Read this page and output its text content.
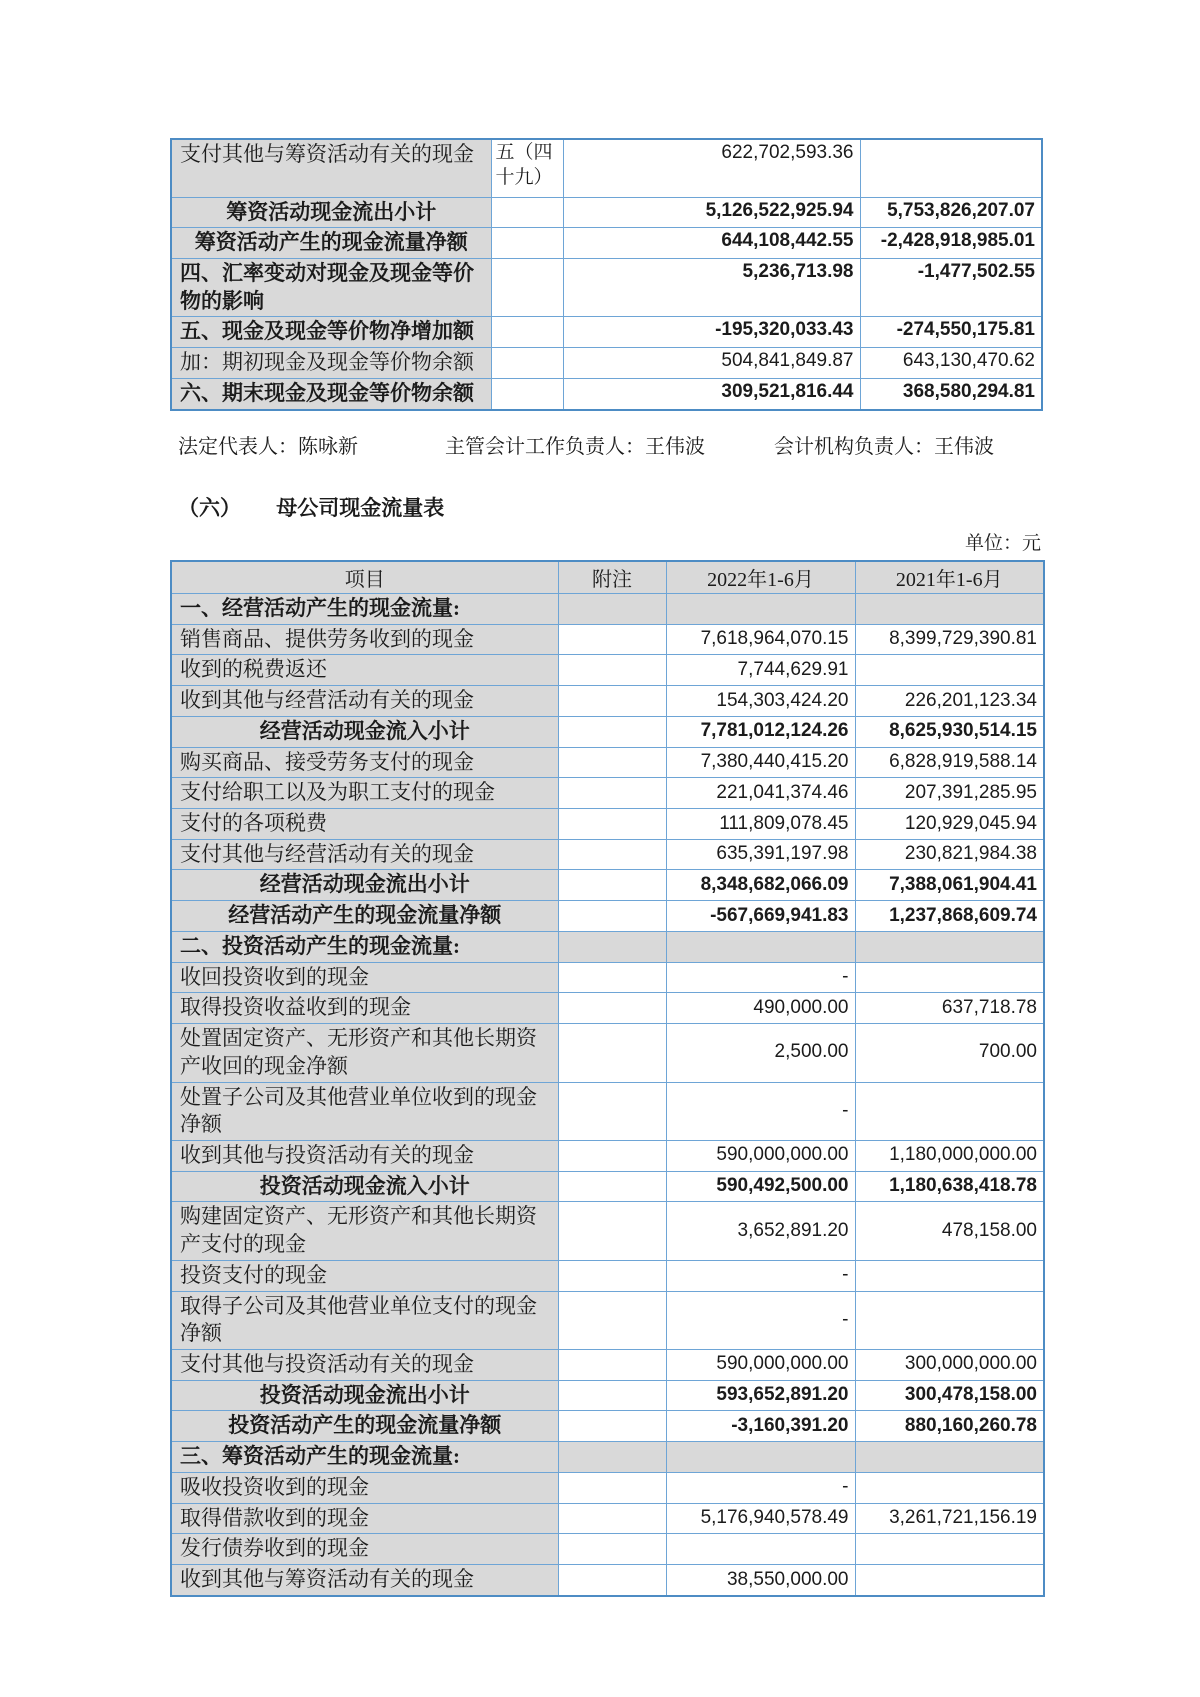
支付其他与筹资活动有关的现金	五（四十九）	622,702,593.36	
筹资活动现金流出小计		5,126,522,925.94	5,753,826,207.07
筹资活动产生的现金流量净额		644,108,442.55	-2,428,918,985.01
四、汇率变动对现金及现金等价物的影响		5,236,713.98	-1,477,502.55
五、现金及现金等价物净增加额		-195,320,033.43	-274,550,175.81
加：期初现金及现金等价物余额		504,841,849.87	643,130,470.62
六、期末现金及现金等价物余额		309,521,816.44	368,580,294.81
法定代表人：陈咏新	主管会计工作负责人：王伟波	会计机构负责人：王伟波
（六） 母公司现金流量表
单位：元
项目	附注	2022年1-6月	2021年1-6月
一、经营活动产生的现金流量:			
销售商品、提供劳务收到的现金		7,618,964,070.15	8,399,729,390.81
收到的税费返还		7,744,629.91	
收到其他与经营活动有关的现金		154,303,424.20	226,201,123.34
经营活动现金流入小计		7,781,012,124.26	8,625,930,514.15
购买商品、接受劳务支付的现金		7,380,440,415.20	6,828,919,588.14
支付给职工以及为职工支付的现金		221,041,374.46	207,391,285.95
支付的各项税费		111,809,078.45	120,929,045.94
支付其他与经营活动有关的现金		635,391,197.98	230,821,984.38
经营活动现金流出小计		8,348,682,066.09	7,388,061,904.41
经营活动产生的现金流量净额		-567,669,941.83	1,237,868,609.74
二、投资活动产生的现金流量:			
收回投资收到的现金		-	
取得投资收益收到的现金		490,000.00	637,718.78
处置固定资产、无形资产和其他长期资产收回的现金净额		2,500.00	700.00
处置子公司及其他营业单位收到的现金净额		-	
收到其他与投资活动有关的现金		590,000,000.00	1,180,000,000.00
投资活动现金流入小计		590,492,500.00	1,180,638,418.78
购建固定资产、无形资产和其他长期资产支付的现金		3,652,891.20	478,158.00
投资支付的现金		-	
取得子公司及其他营业单位支付的现金净额		-	
支付其他与投资活动有关的现金		590,000,000.00	300,000,000.00
投资活动现金流出小计		593,652,891.20	300,478,158.00
投资活动产生的现金流量净额		-3,160,391.20	880,160,260.78
三、筹资活动产生的现金流量:			
吸收投资收到的现金		-	
取得借款收到的现金		5,176,940,578.49	3,261,721,156.19
发行债券收到的现金			
收到其他与筹资活动有关的现金		38,550,000.00	
